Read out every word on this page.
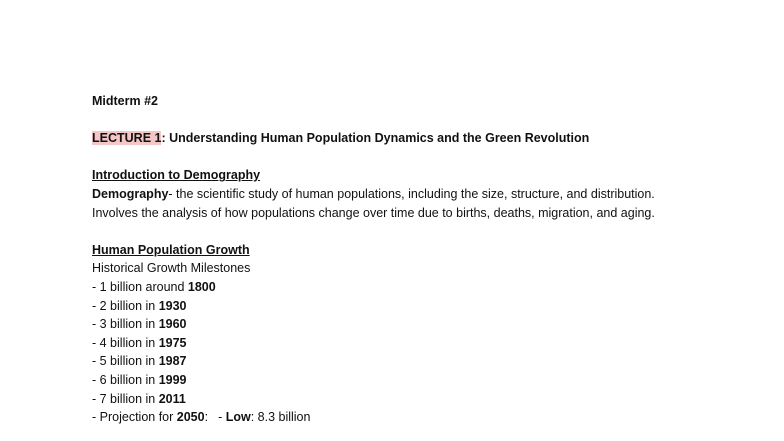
Midterm #2
LECTURE 1: Understanding Human Population Dynamics and the Green Revolution
Introduction to Demography
Demography- the scientific study of human populations, including the size, structure, and distribution. Involves the analysis of how populations change over time due to births, deaths, migration, and aging.
Human Population Growth
Historical Growth Milestones
- 1 billion around 1800
- 2 billion in 1930
- 3 billion in 1960
- 4 billion in 1975
- 5 billion in 1987
- 6 billion in 1999
- 7 billion in 2011
- Projection for 2050: - Low: 8.3 billion
